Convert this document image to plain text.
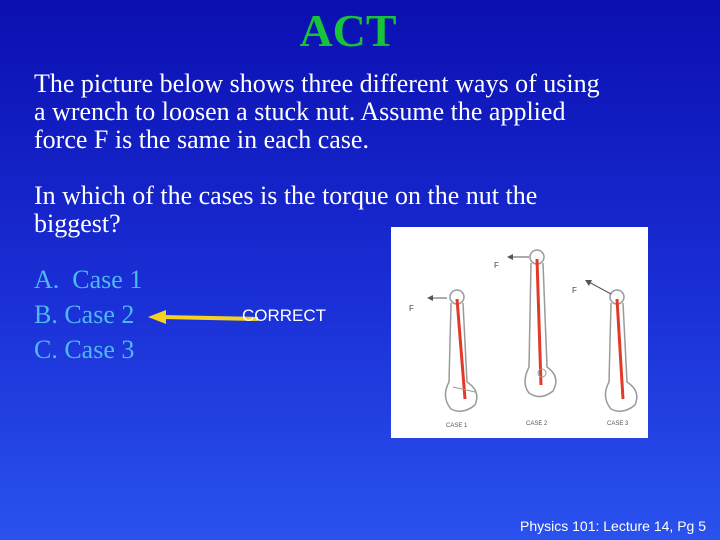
ACT
The picture below shows three different ways of using a wrench to loosen a stuck nut. Assume the applied force F is the same in each case.
In which of the cases is the torque on the nut the biggest?
A.  Case 1
B. Case 2
C. Case 3
CORRECT	F
F
F
CASE 1	CASE 2	CASE 3
Physics 101: Lecture 14, Pg 5
